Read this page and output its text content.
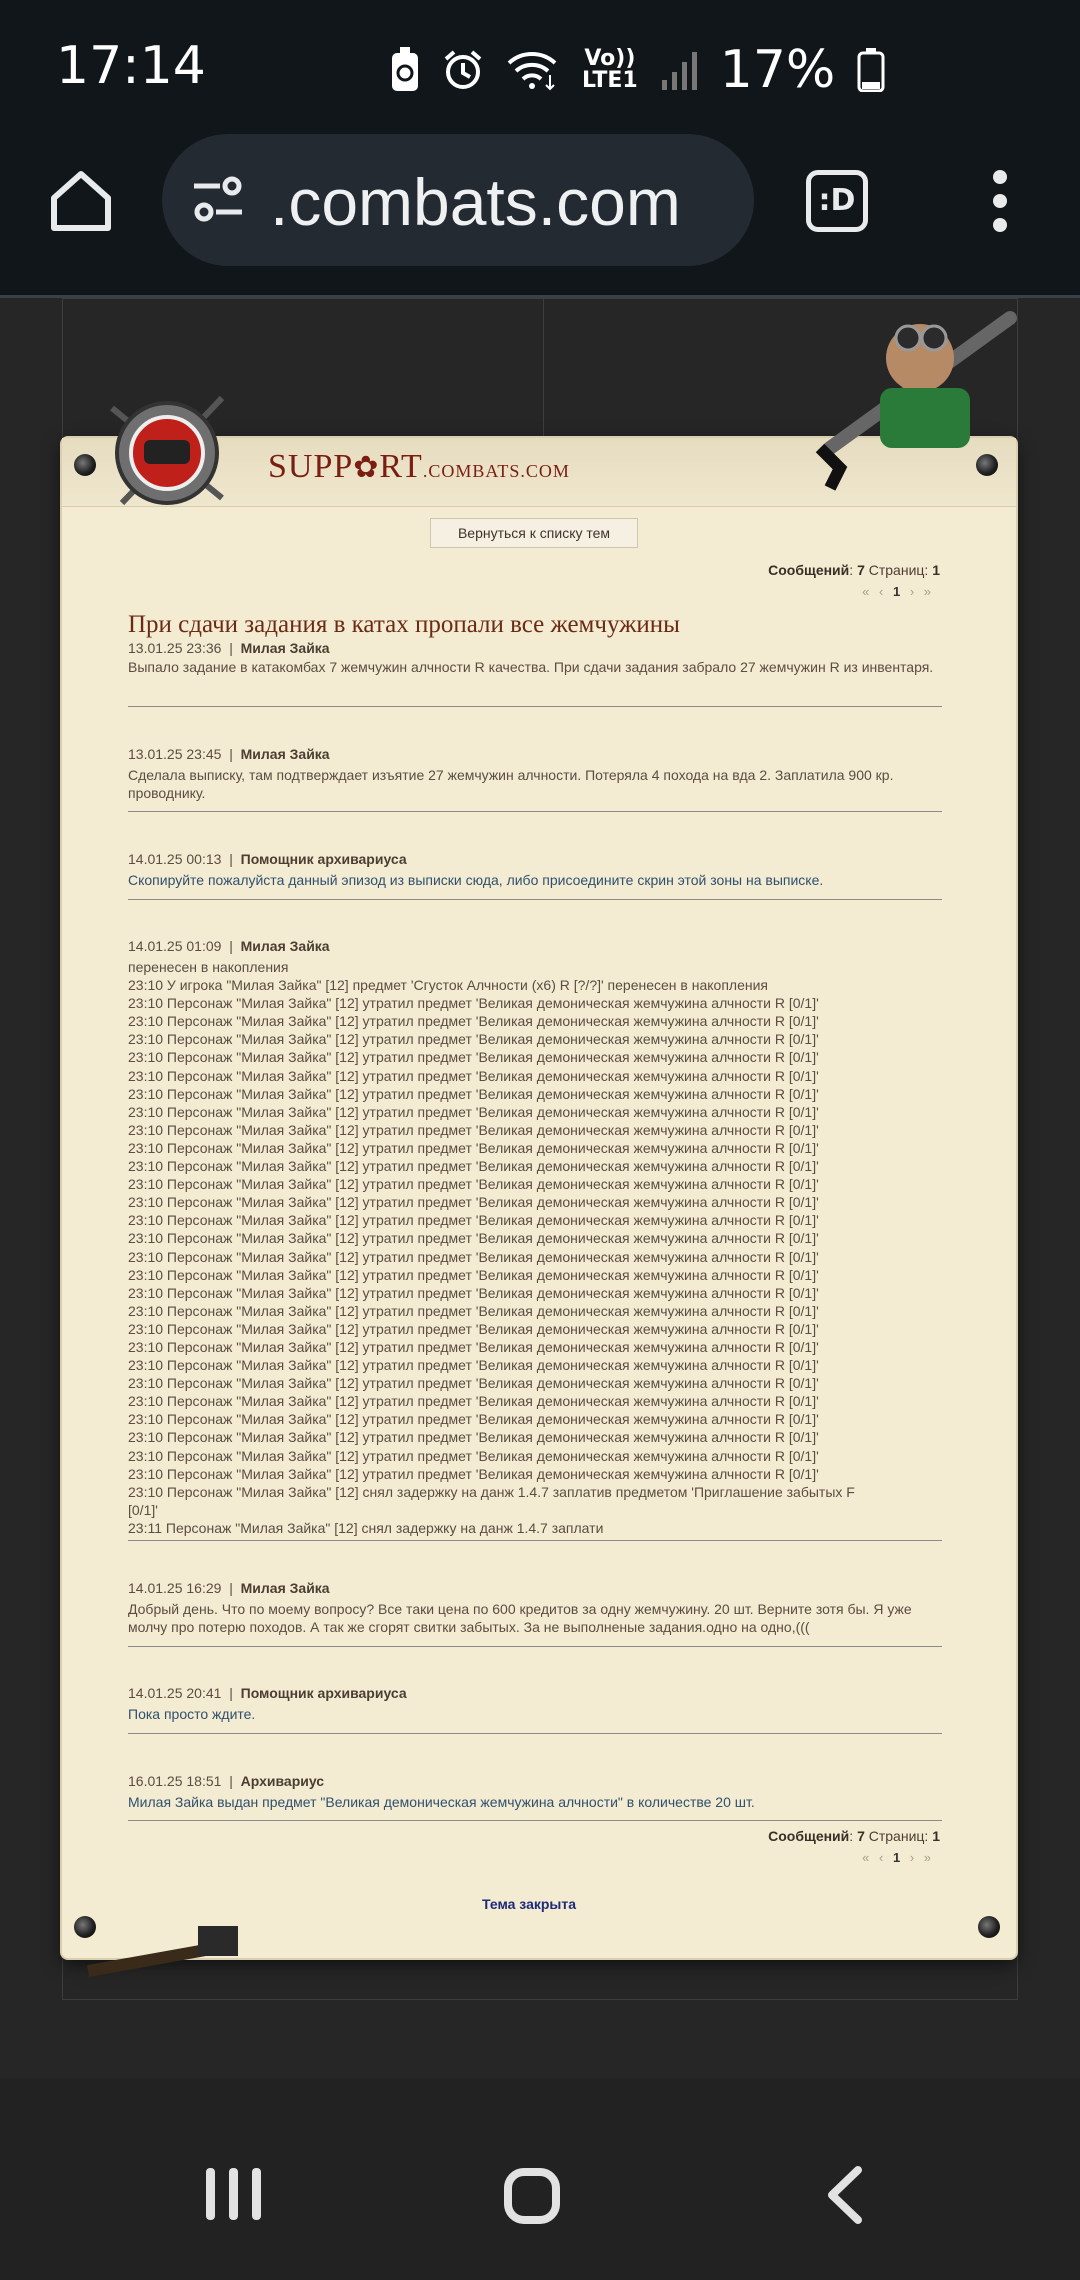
17:14	Vo))
LTE1 17%
.combats.com	:D
SUPP✿RT.COMBATS.COM
Вернуться к списку тем
Сообщений: 7 Страниц: 1
« ‹ 1 › »
При сдачи задания в катах пропали все жемчужины
13.01.25 23:36  |  Милая Зайка
Выпало задание в катакомбах 7 жемчужин алчности R качества. При сдачи задания забрало 27 жемчужин R из инвентаря.
13.01.25 23:45  |  Милая Зайка
Сделала выписку, там подтверждает изъятие 27 жемчужин алчности. Потеряла 4 похода на вда 2. Заплатила 900 кр. проводнику.
14.01.25 00:13  |  Помощник архивариуса
Скопируйте пожалуйста данный эпизод из выписки сюда, либо присоедините скрин этой зоны на выписке.
14.01.25 01:09  |  Милая Зайка
перенесен в накопления
23:10 У игрока "Милая Зайка" [12] предмет 'Сгусток Алчности (x6) R [?/?]' перенесен в накопления
23:10 Персонаж "Милая Зайка" [12] утратил предмет 'Великая демоническая жемчужина алчности R [0/1]'
23:10 Персонаж "Милая Зайка" [12] утратил предмет 'Великая демоническая жемчужина алчности R [0/1]'
23:10 Персонаж "Милая Зайка" [12] утратил предмет 'Великая демоническая жемчужина алчности R [0/1]'
23:10 Персонаж "Милая Зайка" [12] утратил предмет 'Великая демоническая жемчужина алчности R [0/1]'
23:10 Персонаж "Милая Зайка" [12] утратил предмет 'Великая демоническая жемчужина алчности R [0/1]'
23:10 Персонаж "Милая Зайка" [12] утратил предмет 'Великая демоническая жемчужина алчности R [0/1]'
23:10 Персонаж "Милая Зайка" [12] утратил предмет 'Великая демоническая жемчужина алчности R [0/1]'
23:10 Персонаж "Милая Зайка" [12] утратил предмет 'Великая демоническая жемчужина алчности R [0/1]'
23:10 Персонаж "Милая Зайка" [12] утратил предмет 'Великая демоническая жемчужина алчности R [0/1]'
23:10 Персонаж "Милая Зайка" [12] утратил предмет 'Великая демоническая жемчужина алчности R [0/1]'
23:10 Персонаж "Милая Зайка" [12] утратил предмет 'Великая демоническая жемчужина алчности R [0/1]'
23:10 Персонаж "Милая Зайка" [12] утратил предмет 'Великая демоническая жемчужина алчности R [0/1]'
23:10 Персонаж "Милая Зайка" [12] утратил предмет 'Великая демоническая жемчужина алчности R [0/1]'
23:10 Персонаж "Милая Зайка" [12] утратил предмет 'Великая демоническая жемчужина алчности R [0/1]'
23:10 Персонаж "Милая Зайка" [12] утратил предмет 'Великая демоническая жемчужина алчности R [0/1]'
23:10 Персонаж "Милая Зайка" [12] утратил предмет 'Великая демоническая жемчужина алчности R [0/1]'
23:10 Персонаж "Милая Зайка" [12] утратил предмет 'Великая демоническая жемчужина алчности R [0/1]'
23:10 Персонаж "Милая Зайка" [12] утратил предмет 'Великая демоническая жемчужина алчности R [0/1]'
23:10 Персонаж "Милая Зайка" [12] утратил предмет 'Великая демоническая жемчужина алчности R [0/1]'
23:10 Персонаж "Милая Зайка" [12] утратил предмет 'Великая демоническая жемчужина алчности R [0/1]'
23:10 Персонаж "Милая Зайка" [12] утратил предмет 'Великая демоническая жемчужина алчности R [0/1]'
23:10 Персонаж "Милая Зайка" [12] утратил предмет 'Великая демоническая жемчужина алчности R [0/1]'
23:10 Персонаж "Милая Зайка" [12] утратил предмет 'Великая демоническая жемчужина алчности R [0/1]'
23:10 Персонаж "Милая Зайка" [12] утратил предмет 'Великая демоническая жемчужина алчности R [0/1]'
23:10 Персонаж "Милая Зайка" [12] утратил предмет 'Великая демоническая жемчужина алчности R [0/1]'
23:10 Персонаж "Милая Зайка" [12] утратил предмет 'Великая демоническая жемчужина алчности R [0/1]'
23:10 Персонаж "Милая Зайка" [12] утратил предмет 'Великая демоническая жемчужина алчности R [0/1]'
23:10 Персонаж "Милая Зайка" [12] снял задержку на данж 1.4.7 заплатив предметом 'Приглашение забытых F
[0/1]'
23:11 Персонаж "Милая Зайка" [12] снял задержку на данж 1.4.7 заплати
14.01.25 16:29  |  Милая Зайка
Добрый день. Что по моему вопросу? Все таки цена по 600 кредитов за одну жемчужину. 20 шт. Верните зотя бы. Я уже молчу про потерю походов. А так же сгорят свитки забытых. За не выполненые задания.одно на одно,(((
14.01.25 20:41  |  Помощник архивариуса
Пока просто ждите.
16.01.25 18:51  |  Архивариус
Милая Зайка выдан предмет "Великая демоническая жемчужина алчности" в количестве 20 шт.
Сообщений: 7 Страниц: 1
« ‹ 1 › »
Тема закрыта
